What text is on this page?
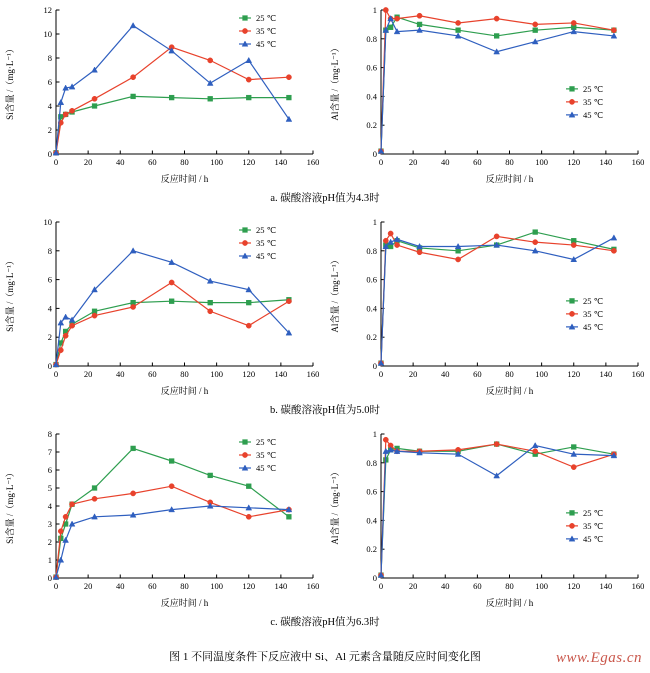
0	20	40	60	80	100 120 140 160
0
2
4
6
8
10
12
反应时间 / h
Si含量 /（mg·L⁻¹）
25 ℃
35 ℃
45 ℃
0	20	40	60	80	100 120 140 160
0
0.2
0.4
0.6
0.8
1
反应时间 / h
Al含量 /（mg·L⁻¹）	25 ℃
35 ℃
45 ℃
a. 碳酸溶液pH值为4.3时
0	20	40	60	80	100 120 140 160
0
2
4
6
8
10
反应时间 / h
Si含量 /（mg·L⁻¹）
25 ℃
35 ℃
45 ℃
0	20	40	60	80	100 120 140 160
0
0.2
0.4
0.6
0.8
1
反应时间 / h
Al含量 /（mg·L⁻¹）	25 ℃
35 ℃
45 ℃
b. 碳酸溶液pH值为5.0时
0	20	40	60	80	100 120 140 160
0
1
2
3
4
5
6
7
8
反应时间 / h
Si含量 /（mg·L⁻¹）
25 ℃
35 ℃
45 ℃
0	20	40	60	80	100 120 140 160
0
0.2
0.4
0.6
0.8
1
反应时间 / h
Al含量 /（mg·L⁻¹）	25 ℃
35 ℃
45 ℃
c. 碳酸溶液pH值为6.3时
图 1 不同温度条件下反应液中 Si、Al 元素含量随反应时间变化图	www.Egas.cn
